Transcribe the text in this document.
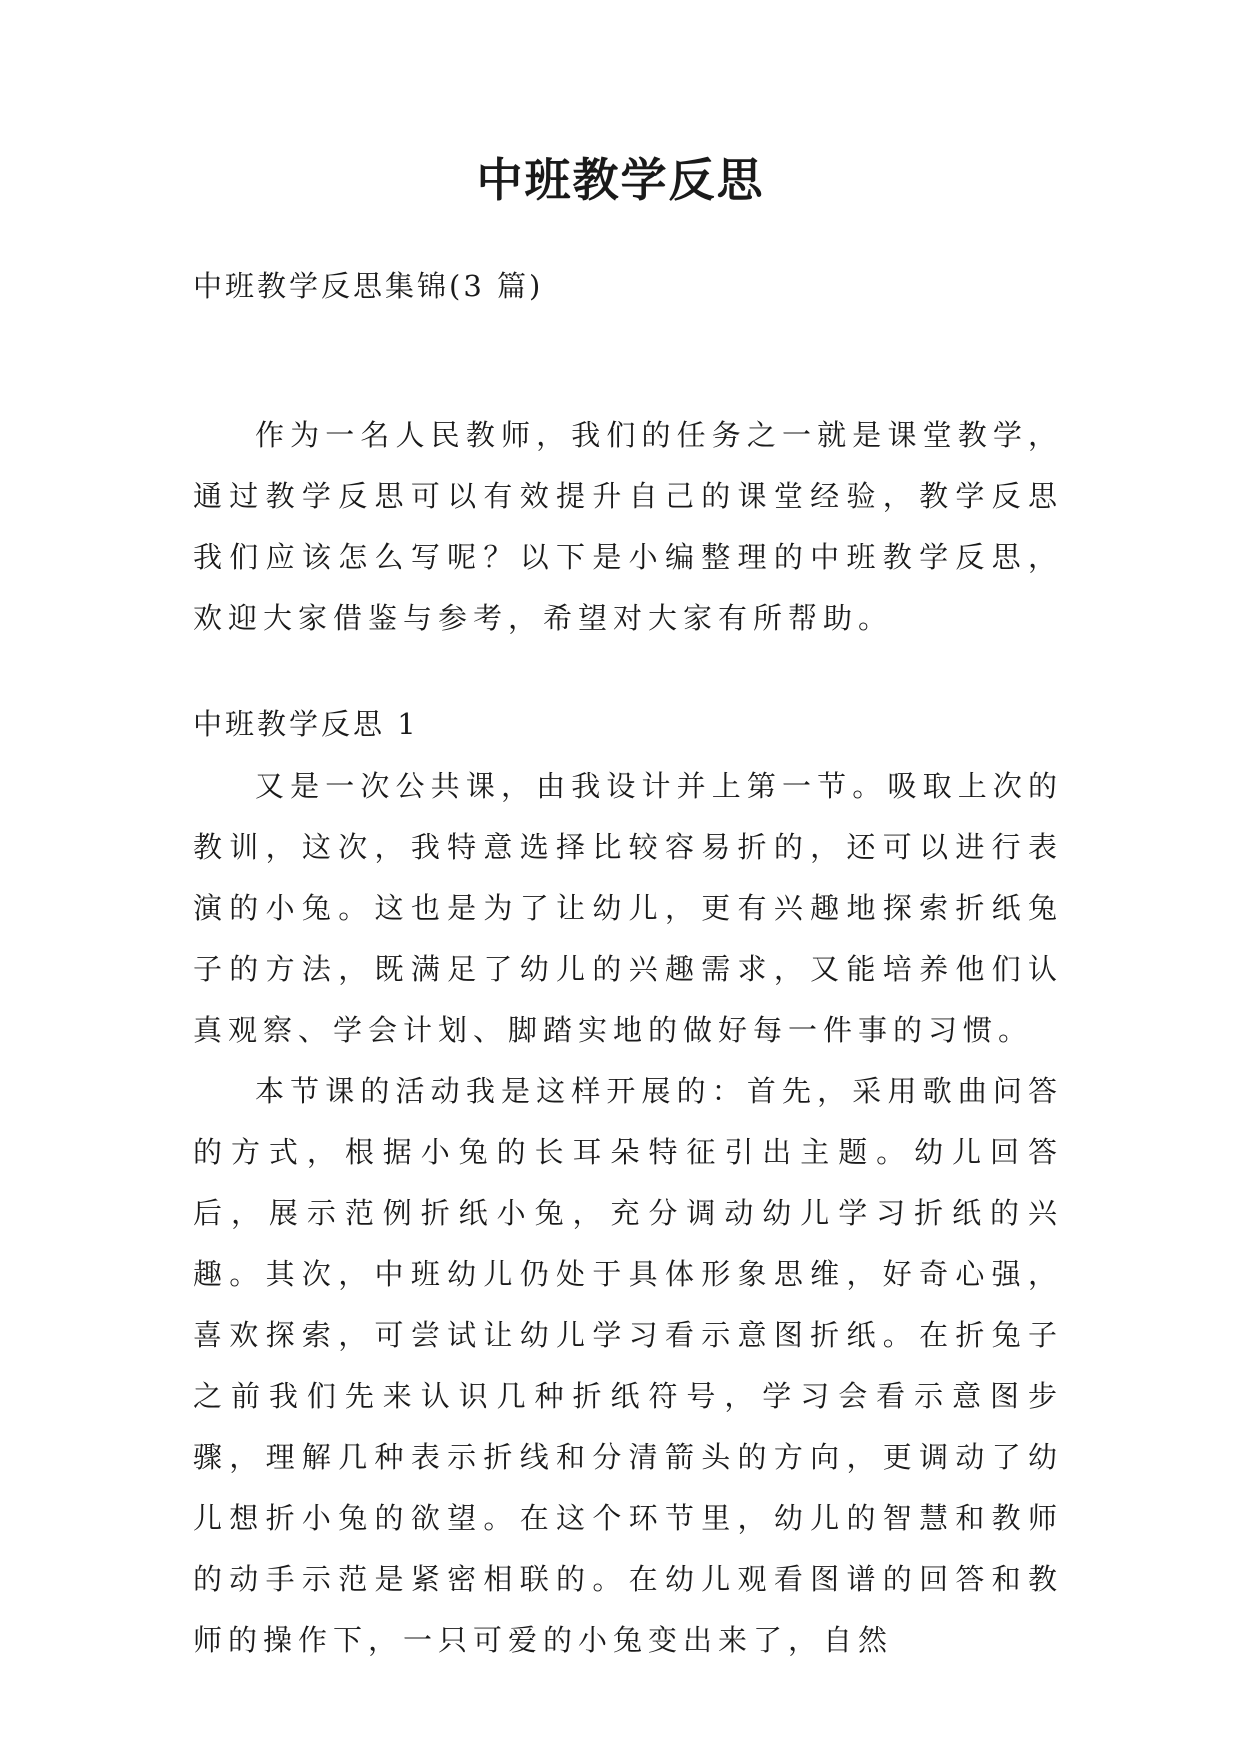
中班教学反思

中班教学反思集锦(3 篇)

作为一名人民教师，我们的任务之一就是课堂教学，通过教学反思可以有效提升自己的课堂经验，教学反思我们应该怎么写呢？以下是小编整理的中班教学反思，欢迎大家借鉴与参考，希望对大家有所帮助。

中班教学反思 1

又是一次公共课，由我设计并上第一节。吸取上次的教训，这次，我特意选择比较容易折的，还可以进行表演的小兔。这也是为了让幼儿，更有兴趣地探索折纸兔子的方法，既满足了幼儿的兴趣需求，又能培养他们认真观察、学会计划、脚踏实地的做好每一件事的习惯。

本节课的活动我是这样开展的：首先，采用歌曲问答的方式，根据小兔的长耳朵特征引出主题。幼儿回答后，展示范例折纸小兔，充分调动幼儿学习折纸的兴趣。其次，中班幼儿仍处于具体形象思维，好奇心强，喜欢探索，可尝试让幼儿学习看示意图折纸。在折兔子之前我们先来认识几种折纸符号，学习会看示意图步骤，理解几种表示折线和分清箭头的方向，更调动了幼儿想折小兔的欲望。在这个环节里，幼儿的智慧和教师的动手示范是紧密相联的。在幼儿观看图谱的回答和教师的操作下，一只可爱的小兔变出来了，自然
